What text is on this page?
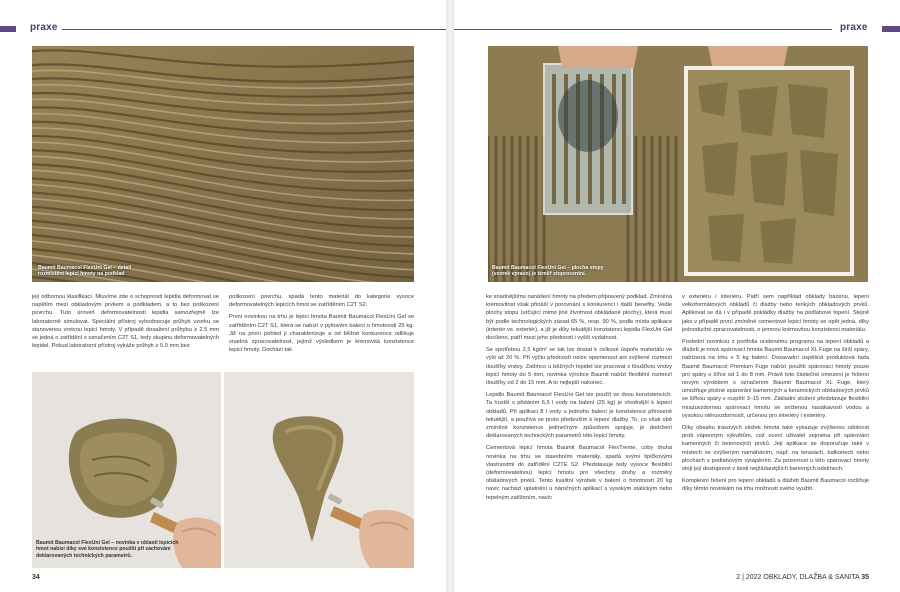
praxe
Baumit Baumacol FlexUni Gel – detail
rozmístění lepicí hmoty na podklad

její odbornou klasifikací. Mluvíme zde o schopnosti lepidla deformovat se napětím mezi obkladovým prvkem a podkladem, a to bez poškození povrchu. Tuto úroveň deformovatelnosti lepidla samozřejmě lze laboratorně simulovat. Speciální přístroj vyhodnocuje průhyb vzorku se stanovenou vrstvou lepicí hmoty. V případě dosažení průhybu ≥ 2.5 mm se jedná o zatřídění s označením C2T S1, tedy skupinu deformovatelných lepidel. Pokud laboratorní přístroj vykáže průhyb ≥ 5.0 mm bez

poškození povrchu, spadá tento materiál do kategorie vysoce deformovatelných lepicích hmot se zatříděním C2T S2.

První novinkou na trhu je lepicí hmota Baumit Baumacol FlexUni Gel se zatříděním C2T S1, která se nabízí v pytlovém balení o hmotnosti 25 kg. Již na první pohled ji charakterizuje a od běžné konkurence odlišuje snadná zpracovatelnost, jejímž výsledkem je krémovitá konzistence lepicí hmoty. Dochází tak

Baumit Baumacol FlexUni Gel – novinka v oblasti lepicích
hmot nabízí díky své konzistence použití při zachování
deklarovaných technických parametrů.
34
praxe
Baumit Baumacol FlexUni Gel – plocha stopy
(vzorek vpravo) je téměř stoprocentní.

ke snadnějšímu nanášení hmoty na předem připravený podklad. Zmíněná krémovitost však přináší v porovnání s konkurencí i další benefity. Vedle plochy stopu (určující mimo jiné životnost obkládané plochy), která musí být podle technologických zásad 65 %, resp. 90 %, podle místa aplikace (interiér vs. exteriér), a již je díky tekutější konzistenci lepidla FlexUni Gel docíleno, patří mezi jeho přednosti i vyšší vydatnost.

Se spotřebou 2,5 kg/m² se tak lze dostat k celkové úspoře materiálu ve výši až 20 %. Při výčtu předností nelze opomenout ani zvýšené rozmezí tloušťky vrstvy. Zatímco u běžných lepidel lze pracovat s tloušťkou vrstvy lepicí hmoty do 5 mm, novinka výrobce Baumit nabízí flexibilní rozmezí tloušťky od 2 do 15 mm. A to nejlepší nakonec.

Lepidlo Baumit Baumacol FlexUni Gel lze použít ve dvou konzistencích. Ta hustší s přidáním 6,5 l vody na balení (25 kg) je vhodnější k lepení obkladů. Při aplikaci 8 l vody u jednoho balení je konzistence přirozeně tekutější, a používá se proto především k lepení dlažby. To, co však obě zmíněné konzistence jedinečným způsobem spojuje, je dodržení deklarovaných technických parametrů této lepicí hmoty.

Cementová lepicí hmota Baumit Baumacol FlexTreme, coby druhá novinka na trhu se stavebními materiály, spadá svými špičkovými vlastnostmi do zatřídění C2TE S2. Představuje tedy vysoce flexibilní (deformovatelnou) lepicí hmotu pro všechny druhy a rozměry obkladových prvků. Tento kvalitní výrobek v balení o hmotnosti 20 kg navíc nachází uplatnění u náročných aplikací s vysokým statickým nebo tepelným zatížením, navíc

v exteriéru i interiéru. Patří sem například obklady bazénu, lepení velkoformátových obkladů či dlažby nebo tenkých obkladových prvků. Aplikovat se dá i v případě pokládky dlažby na podlahové topení. Stejně jako v případě první zmíněné cementové lepicí hmoty se opět jedná, díky jednoduché zpracovatelnosti, o jemnou krémovitou konzistenci materiálu.

Poslední novinkou z portfolia ucelenému programu na lepení obkladů a dlažeb je nová spárovací hmota Baumit Baumacol XL Fuge na širší spáry, nabízená na trhu v 5 kg balení. Dosavadní úspěšná produktová řada Baumit Baumacol Premium Fuge nabízí použití spárovací hmoty pouze pro spáry o šířce od 1 do 8 mm. Právě toto částečné omezení je řešeno novým výrobkem s označením Baumit Baumacol XL Fuge, který umožňuje plošné spárování kamenných a keramických obkladových prvků se šířkou spáry v rozpětí 3–15 mm. Základní složení představuje flexibilní mrazuvzdornou spárovací hmotu se sníženou nasákavostí vodou a vysokou otěruvzdorností, určenou pro interiéry i exteriéry.

Díky obsahu trasových složek hmota také vykazuje zvýšenou odolnost proti vápenným výkvětům, což ocení uživatel zejména při spárování kamenných či betonových prvků. Její aplikace se doporučuje také v místech se zvýšeným namáháním, např. na terasách, balkonech nebo plochách s podlahovým vytápěním. Za pozornost u této spárovací hmoty stojí její dostupnost v šesti nejžádanějších barevných odstínech.

Komplexní řešení pro lepení obkladů a dlažeb Baumit Baumacol rozšiřuje díky těmto novinkám na trhu možnosti svého využití.

2 | 2022 OBKLADY, DLAŽBA & SANITA 35
